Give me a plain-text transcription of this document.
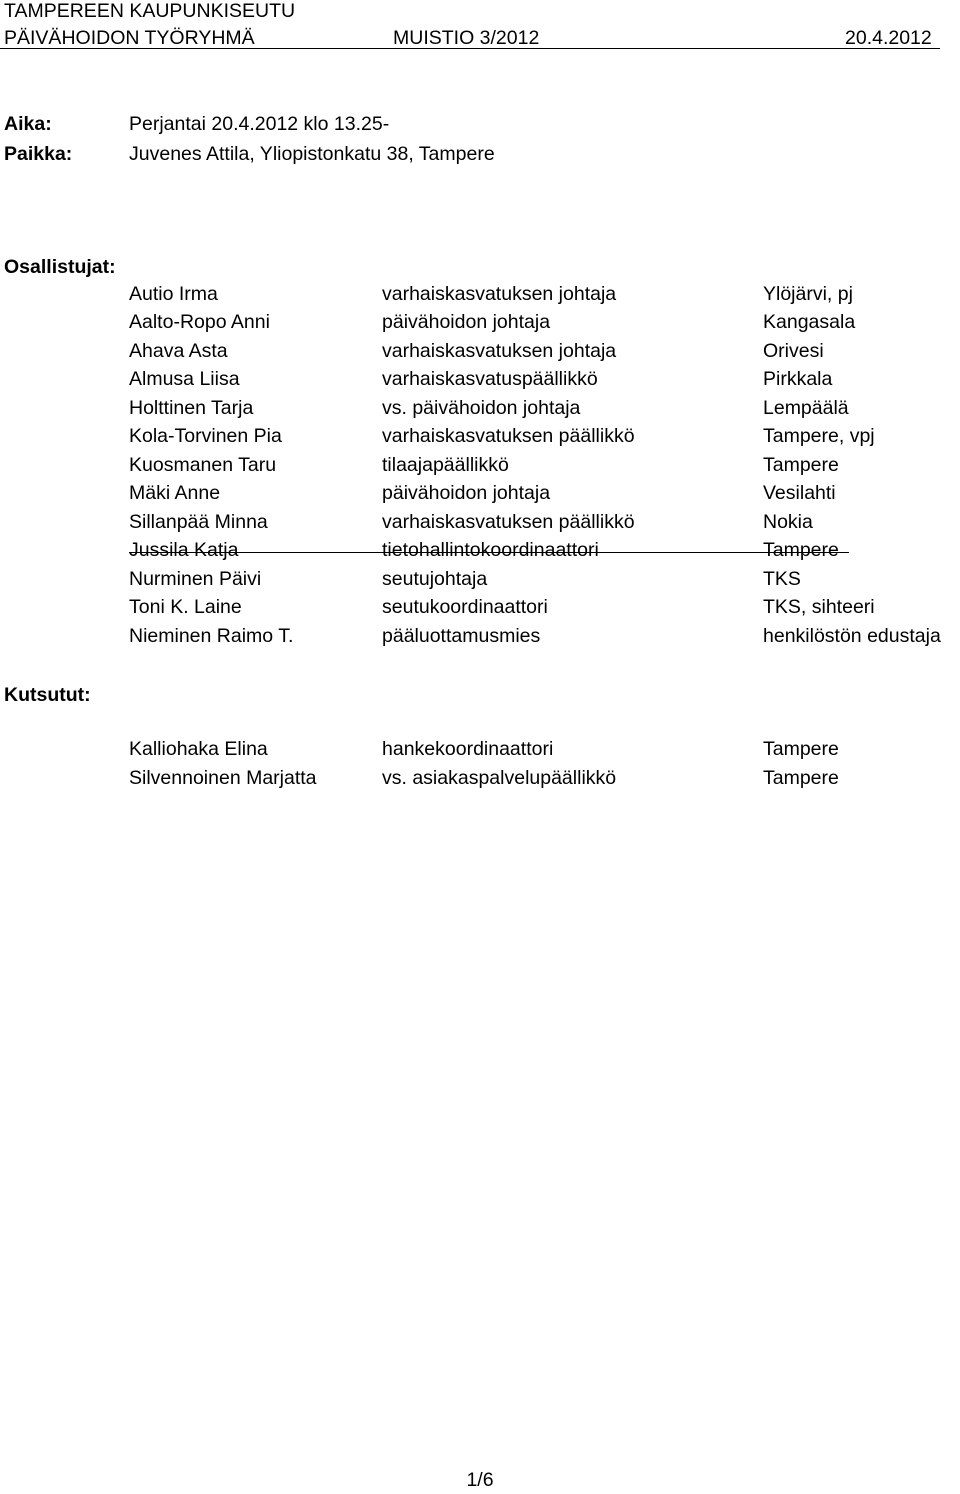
TAMPEREEN KAUPUNKISEUTU
PÄIVÄHOIDON TYÖRYHMÄ	MUISTIO 3/2012	20.4.2012
Aika:	Perjantai 20.4.2012 klo 13.25-
Paikka:	Juvenes Attila, Yliopistonkatu 38, Tampere
Osallistujat:
Autio Irma	varhaiskasvatuksen johtaja	Ylöjärvi, pj
Aalto-Ropo Anni	päivähoidon johtaja	Kangasala
Ahava Asta	varhaiskasvatuksen johtaja	Orivesi
Almusa Liisa	varhaiskasvatuspäällikkö	Pirkkala
Holttinen Tarja	vs. päivähoidon johtaja	Lempäälä
Kola-Torvinen Pia	varhaiskasvatuksen päällikkö	Tampere, vpj
Kuosmanen Taru	tilaajapäällikkö	Tampere
Mäki Anne	päivähoidon johtaja	Vesilahti
Sillanpää Minna	varhaiskasvatuksen päällikkö	Nokia
Jussila Katja	tietohallintokoordinaattori	Tampere
Nurminen Päivi	seutujohtaja	TKS
Toni K. Laine	seutukoordinaattori	TKS, sihteeri
Nieminen Raimo T.	pääluottamusmies	henkilöstön edustaja
Kutsutut:
Kalliohaka Elina	hankekoordinaattori	Tampere
Silvennoinen Marjatta	vs. asiakaspalvelupäällikkö	Tampere
1/6
